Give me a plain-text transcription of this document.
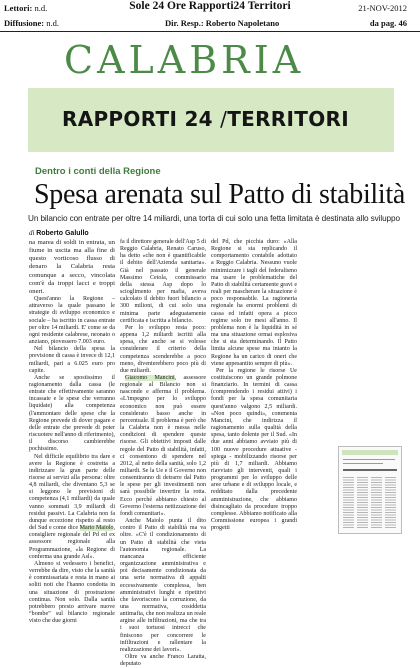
Lettori: n.d.	Sole 24 Ore Rapporti24 Territori	21-NOV-2012
Diffusione: n.d.	Dir. Resp.: Roberto Napoletano	da pag. 46
CALABRIA
RAPPORTI 24 /TERRITORI
Dentro i conti della Regione
Spesa arenata sul Patto di stabilità
Un bilancio con entrate per oltre 14 miliardi, una torta di cui solo una fetta limitata è destinata allo sviluppo
di Roberto Galullo

na marea di soldi in entrata, un fiume in uscita ma alla fine di questo vorticoso flusso di denaro la Calabria resta comunque a secco, vincolata com'è da troppi lacci e troppi oneri.

Quest'anno la Regione – attraverso la quale passano le strategie di sviluppo economico e sociale – ha iscritto in cassa entrate per oltre 14 miliardi. E' come se da ogni residente calabrese, neonato o anziano, piovessero 7.003 euro.

Nel bilancio della spesa la previsione di cassa è invece di 12,1 miliardi, pari a 6.025 euro pro capite.

Anche se spostissimo il ragionamento dalla cassa (le entrate che effettivamente saranno incassate e le spese che verranno liquidate) alla competenza (l'ammontare delle spese che la Regione prevede di dover pagare e delle entrate che prevede di poter riscuotere nell'anno di riferimento), il discorso cambierebbe pochissimo.

Nel difficile equilibrio tra dare e avere la Regione è costretta a indirizzare la gran parte delle risorse ai servizi alla persona: oltre 4,8 miliardi, che diventano 5,3 se si leggono le previsioni di competenza (4,1 miliardi) da quale vanno sommati 3,9 miliardi di residui passivi. La Calabria non fa dunque eccezione rispetto al resto del Sud e come dice Mario Maiolo, consigliere regionale del Pd ed ex assessore regionale alla Programmazione, «la Regione di conferma una grande Asl».

Almeno si vedessero i benefici, verrebbe da dire, visto che la sanità è commissariata e resta in mano ai soliti noti che l'hanno condotta in una situazione di prostrazione continua. Non solo. Dalla sanità potrebbero presto arrivare nuove “bombe” sul bilancio regionale visto che due giorni

fa il direttore generale dell'Asp 5 di Reggio Calabria, Renato Caruso, ha detto «che non è quantificabile il debito dell'Azienda sanitaria». Già nel passato il generale Massimo Cetola, commissario della stessa Asp dopo lo scioglimento per mafia, aveva calcolato il debito fuori bilancio a 300 milioni, di cui solo una minima parte adeguatamente certificata e iscritta a bilancio.

Per lo sviluppo resta poco: appena 1,2 miliardi iscritti alla spesa, che anche se si volesse considerare il criterio della competenza scenderebbe a poco meno, diventerebbero poco più di due miliardi.

Giacomo Mancini, assessore regionale al Bilancio non si nasconde e afferma il problema. «L'impegno per lo sviluppo economico non può essere considerato basso anche in percentuale. Il problema è però che la Calabria non è messa nelle condizioni di spendere queste risorse. Gli obiettivi imposti dalle regole del Patto di stabilità, infatti, ci consentono di spendere nel 2012, al netto della sanità, solo 1,2 miliardi. Se la Ue e il Governo non consentiranno di detrarre dal Patto le spese per gli investimenti non sarà possibile invertire la rotta. Ecco perché abbiamo chiesto al Governo l'esterna nettizzazione dei fondi comunitari».

Anche Maiolo punta il dito contro il Patto di stabilità ma va oltre. «C'è il condizionamento di un Patto di stabilità che vieta l'autonomia regionale. La mancanza efficiente organizzazione amministrativa e poi decisamente condizionata da una serie normativa di appalti eccessivamente complessa, ben amministrativi lunghi e ripetitivi che favoriscono la corruzione, da una normativa, cosiddetta antimafia, che non realizza un reale argine alle infiltrazioni, ma che tra i suoi tortuosi intrecci che finiscono per concorrere le infiltrazioni e rallentare la realizzazione dei lavori».

Oltre va anche Franco Laratta, deputato

del Pd, che picchia duro: «Alla Regione si sta replicando il comportamento contabile adottato a Reggio Calabria. Nessuno vuole minimizzare i tagli del federalismo ma usare le problematiche del Patto di stabilità certamente gravi e reali per mascherare la situazione è poco responsabile. La ragioneria regionale ha enormi problemi di cassa ed infatti opera a picco regime solo tre mesi all'anno. Il problema non è la liquidità in sé ma una situazione ormai esplosiva che si sta determinando. Il Patto limita alcune spese ma intanto la Regione ha un carico di oneri che viene appesantito sempre di più».

Per la regione le risorse Ue costituiscono un grande polmone finanziario. In termini di cassa (comprendendo i residui attivi) i fondi per la spesa comunitaria quest'anno valgono 2,5 miliardi. «Non poco quindi», commenta Mancini, che indirizza il ragionamento sulla qualità della spesa, tanto dolente per il Sud. «In due anni abbiamo avviato più di 100 nuove procedure attuative - spiega - mobilizzando risorse per più di 1,7 miliardi. Abbiamo riavviato gli interventi, quali i programmi per lo sviluppo delle aree urbane e di sviluppo locale, e redditato dalla precedente amministrazione, che abbiamo disincagliato da procedure troppo complesse. Abbiamo notificato alla Commissione europea i grandi progetti
